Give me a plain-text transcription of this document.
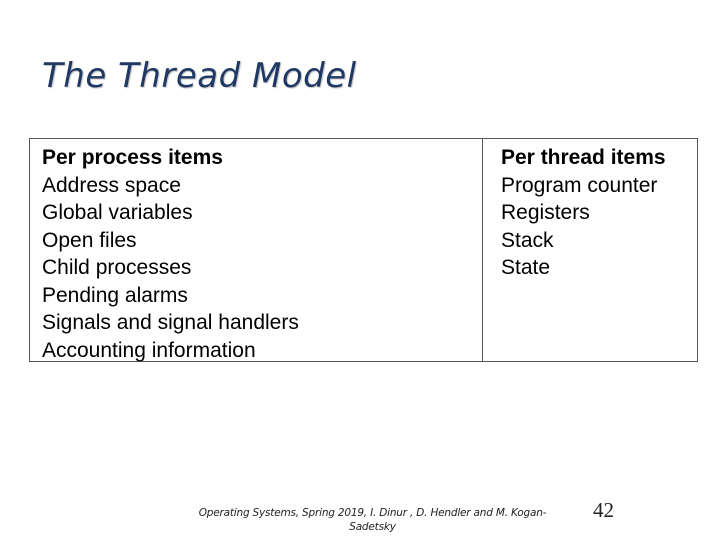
The Thread Model
Per process items
Address space
Global variables
Open files
Child processes
Pending alarms
Signals and signal handlers
Accounting information
Per thread items
Program counter
Registers
Stack
State
Operating Systems, Spring 2019, I. Dinur , D. Hendler and M. Kogan-
Sadetsky
42
